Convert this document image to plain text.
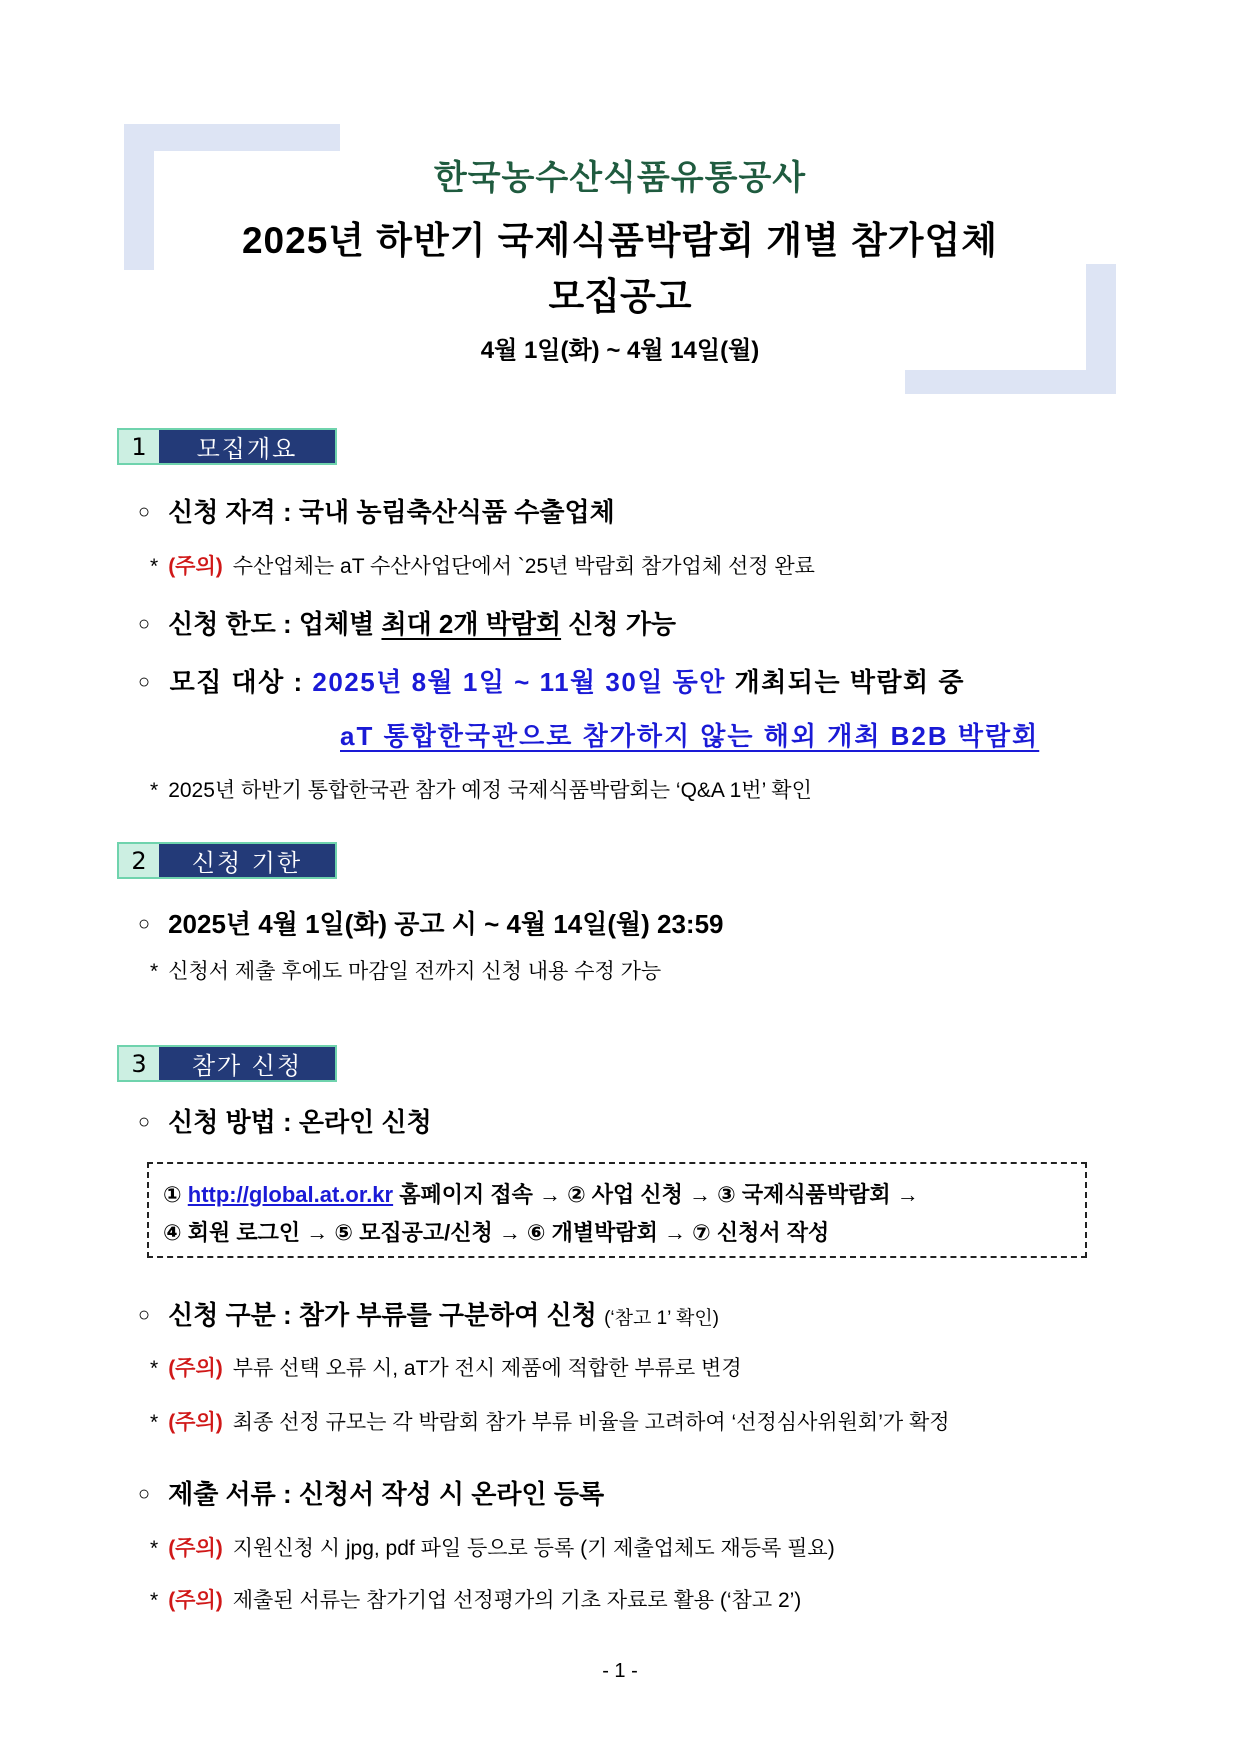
한국농수산식품유통공사
2025년 하반기 국제식품박람회 개별 참가업체
모집공고
4월 1일(화) ~ 4월 14일(월)
1	모집개요
○ 신청 자격 : 국내 농림축산식품 수출업체
* (주의) 수산업체는 aT 수산사업단에서 `25년 박람회 참가업체 선정 완료
○ 신청 한도 : 업체별 최대 2개 박람회 신청 가능
○ 모집 대상 : 2025년 8월 1일 ~ 11월 30일 동안 개최되는 박람회 중
aT 통합한국관으로 참가하지 않는 해외 개최 B2B 박람회
* 2025년 하반기 통합한국관 참가 예정 국제식품박람회는 ‘Q&A 1번’ 확인
2	신청 기한
○ 2025년 4월 1일(화) 공고 시 ~ 4월 14일(월) 23:59
* 신청서 제출 후에도 마감일 전까지 신청 내용 수정 가능
3	참가 신청
○ 신청 방법 : 온라인 신청
① http://global.at.or.kr 홈페이지 접속 → ② 사업 신청 → ③ 국제식품박람회 →
④ 회원 로그인 → ⑤ 모집공고/신청 → ⑥ 개별박람회 → ⑦ 신청서 작성
○ 신청 구분 : 참가 부류를 구분하여 신청 (‘참고 1’ 확인)
* (주의) 부류 선택 오류 시, aT가 전시 제품에 적합한 부류로 변경
* (주의) 최종 선정 규모는 각 박람회 참가 부류 비율을 고려하여 ‘선정심사위원회’가 확정
○ 제출 서류 : 신청서 작성 시 온라인 등록
* (주의) 지원신청 시 jpg, pdf 파일 등으로 등록 (기 제출업체도 재등록 필요)
* (주의) 제출된 서류는 참가기업 선정평가의 기초 자료로 활용 (‘참고 2’)
- 1 -
